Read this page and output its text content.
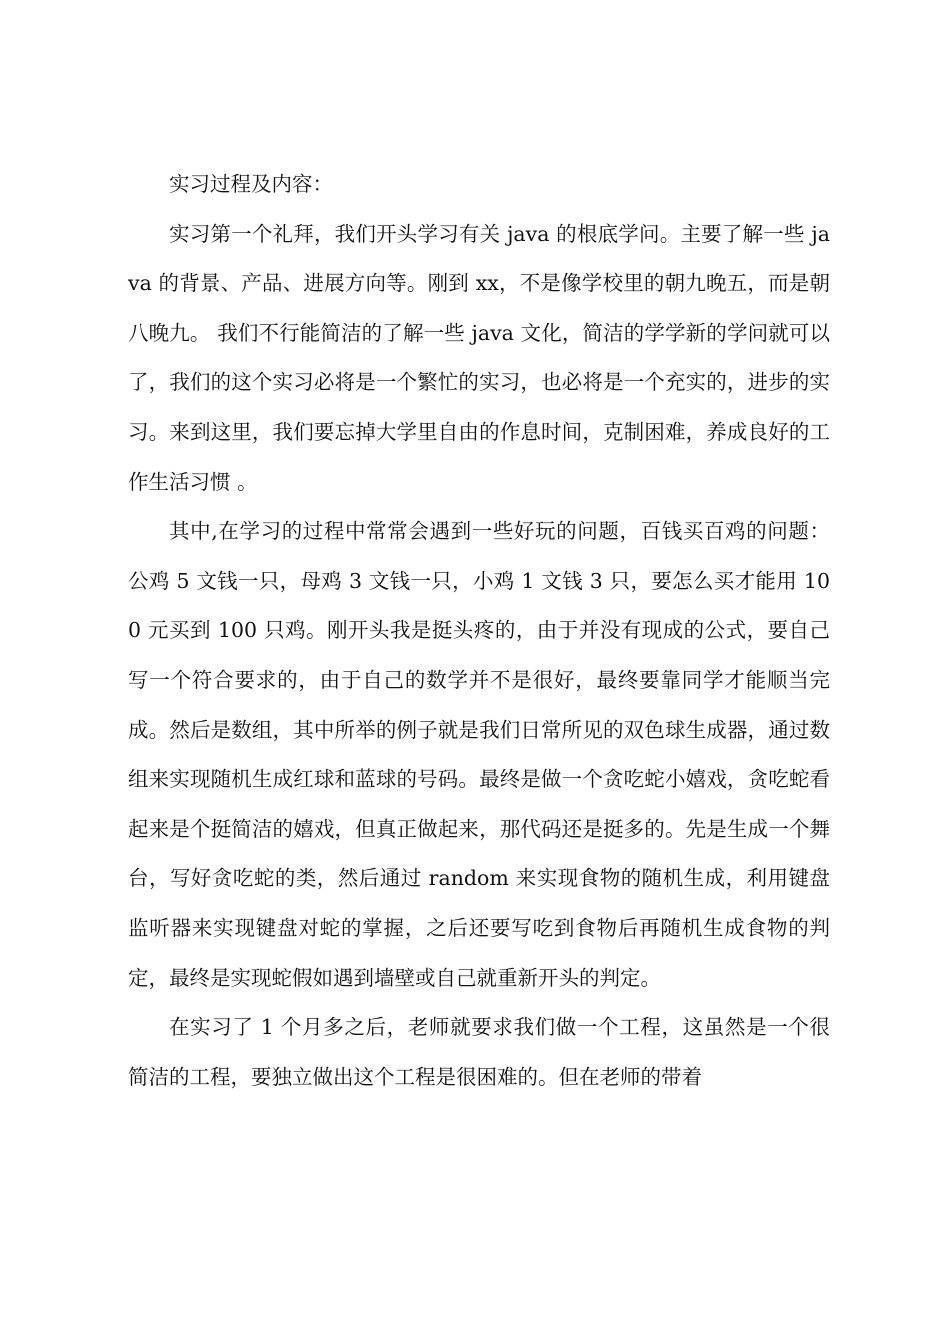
实习过程及内容：

实习第一个礼拜，我们开头学习有关 java 的根底学问。主要了解一些 java 的背景、产品、进展方向等。刚到 xx，不是像学校里的朝九晚五，而是朝八晚九。 我们不行能简洁的了解一些 java 文化，简洁的学学新的学问就可以了，我们的这个实习必将是一个繁忙的实习，也必将是一个充实的，进步的实习。来到这里，我们要忘掉大学里自由的作息时间，克制困难，养成良好的工作生活习惯 。

其中,在学习的过程中常常会遇到一些好玩的问题，百钱买百鸡的问题：公鸡 5 文钱一只，母鸡 3 文钱一只，小鸡 1 文钱 3 只，要怎么买才能用 100 元买到 100 只鸡。刚开头我是挺头疼的，由于并没有现成的公式，要自己写一个符合要求的，由于自己的数学并不是很好，最终要靠同学才能顺当完成。然后是数组，其中所举的例子就是我们日常所见的双色球生成器，通过数组来实现随机生成红球和蓝球的号码。最终是做一个贪吃蛇小嬉戏，贪吃蛇看起来是个挺简洁的嬉戏，但真正做起来，那代码还是挺多的。先是生成一个舞台，写好贪吃蛇的类，然后通过 random 来实现食物的随机生成，利用键盘监听器来实现键盘对蛇的掌握，之后还要写吃到食物后再随机生成食物的判定，最终是实现蛇假如遇到墙壁或自己就重新开头的判定。

在实习了 1 个月多之后，老师就要求我们做一个工程，这虽然是一个很简洁的工程，要独立做出这个工程是很困难的。但在老师的带着
